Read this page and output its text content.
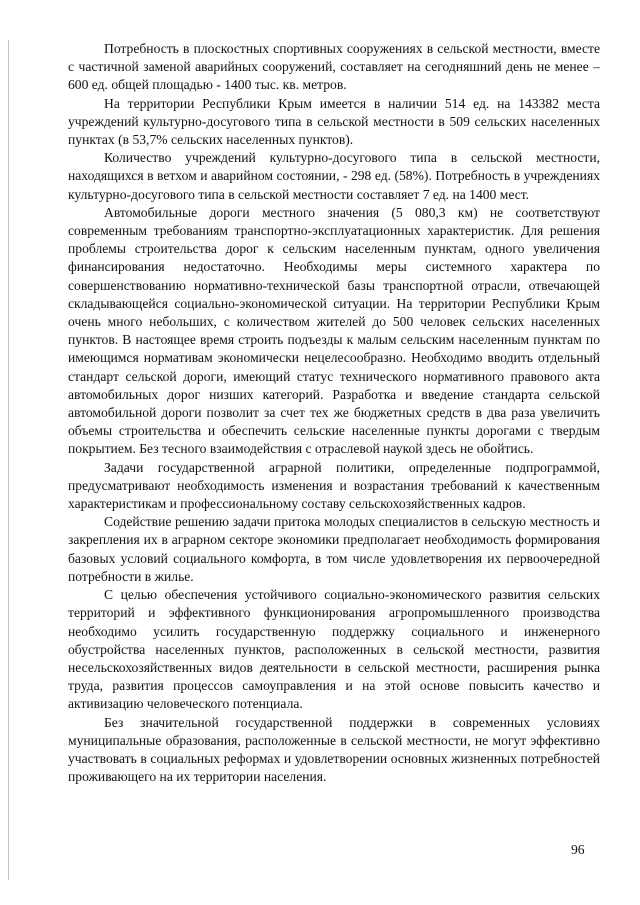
Потребность в плоскостных спортивных сооружениях в сельской местности, вместе с частичной заменой аварийных сооружений, составляет на сегодняшний день не менее – 600 ед. общей площадью - 1400 тыс. кв. метров.

На территории Республики Крым имеется в наличии 514 ед. на 143382 места учреждений культурно-досугового типа в сельской местности в 509 сельских населенных пунктах (в 53,7% сельских населенных пунктов).

Количество учреждений культурно-досугового типа в сельской местности, находящихся в ветхом и аварийном состоянии, - 298 ед. (58%). Потребность в учреждениях культурно-досугового типа в сельской местности составляет 7 ед. на 1400 мест.

Автомобильные дороги местного значения (5 080,3 км) не соответствуют современным требованиям транспортно-эксплуатационных характеристик. Для решения проблемы строительства дорог к сельским населенным пунктам, одного увеличения финансирования недостаточно. Необходимы меры системного характера по совершенствованию нормативно-технической базы транспортной отрасли, отвечающей складывающейся социально-экономической ситуации. На территории Республики Крым очень много небольших, с количеством жителей до 500 человек сельских населенных пунктов. В настоящее время строить подъезды к малым сельским населенным пунктам по имеющимся нормативам экономически нецелесообразно. Необходимо вводить отдельный стандарт сельской дороги, имеющий статус технического нормативного правового акта автомобильных дорог низших категорий. Разработка и введение стандарта сельской автомобильной дороги позволит за счет тех же бюджетных средств в два раза увеличить объемы строительства и обеспечить сельские населенные пункты дорогами с твердым покрытием. Без тесного взаимодействия с отраслевой наукой здесь не обойтись.

Задачи государственной аграрной политики, определенные подпрограммой, предусматривают необходимость изменения и возрастания требований к качественным характеристикам и профессиональному составу сельскохозяйственных кадров.

Содействие решению задачи притока молодых специалистов в сельскую местность и закрепления их в аграрном секторе экономики предполагает необходимость формирования базовых условий социального комфорта, в том числе удовлетворения их первоочередной потребности в жилье.

С целью обеспечения устойчивого социально-экономического развития сельских территорий и эффективного функционирования агропромышленного производства необходимо усилить государственную поддержку социального и инженерного обустройства населенных пунктов, расположенных в сельской местности, развития несельскохозяйственных видов деятельности в сельской местности, расширения рынка труда, развития процессов самоуправления и на этой основе повысить качество и активизацию человеческого потенциала.

Без значительной государственной поддержки в современных условиях муниципальные образования, расположенные в сельской местности, не могут эффективно участвовать в социальных реформах и удовлетворении основных жизненных потребностей проживающего на их территории населения.

96
